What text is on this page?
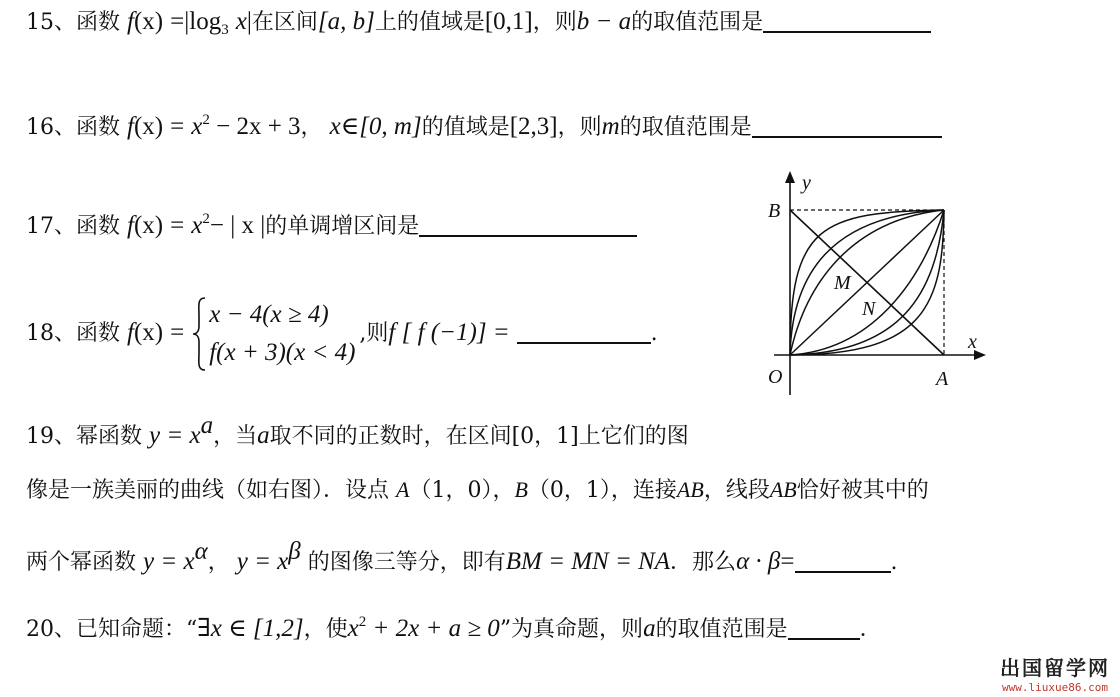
15、函数 $f(x) =|\log_3$ x|在区间[a, b]上的值域是[0,1]，则b − a的取值范围是
16、函数 $f(x) = x^2 - 2x + 3$， x∈[0, m]的值域是[2,3]，则m的取值范围是
17、函数 $f(x) = x^2-$ | x |的单调增区间是
18、函数 f(x) =
x − 4(x ≥ 4)
f(x + 3)(x < 4)
,则f [ f (−1)] =	.
19、幂函数 $y = x^a$，当a取不同的正数时，在区间[0，1]上它们的图
像是一族美丽的曲线（如右图）．设点 A（1，0），B（0，1），连接AB，线段AB恰好被其中的
两个幂函数 $y = x^\alpha$， $y = x^\beta$ 的图像三等分，即有BM = MN = NA．那么α · β=	.
20、已知命题：“∃x ∈ [1,2]，使$x^2 + 2x + a \ge 0$”为真命题，则a的取值范围是	．
y
x
B
O	A
M
N
出国留学网
www.liuxue86.com
